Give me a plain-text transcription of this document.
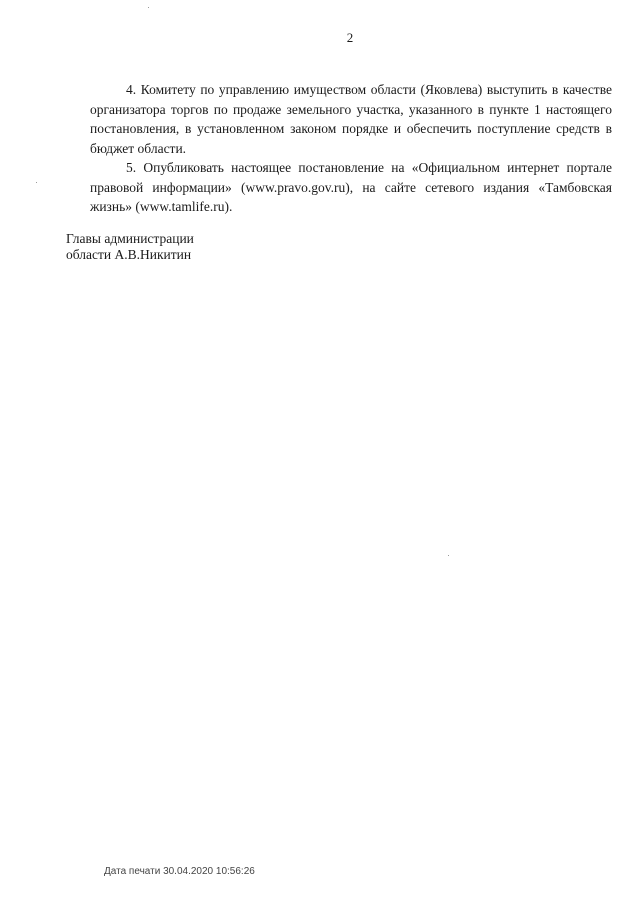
2

4. Комитету по управлению имуществом области (Яковлева) выступить в качестве организатора торгов по продаже земельного участка, указанного в пункте 1 настоящего постановления, в установленном законом порядке и обеспечить поступление средств в бюджет области.

5. Опубликовать настоящее постановление на «Официальном интернет портале правовой информации» (www.pravo.gov.ru), на сайте сетевого издания «Тамбовская жизнь» (www.tamlife.ru).

Главы администрации
области А.В.Никитин
Дата печати 30.04.2020 10:56:26
